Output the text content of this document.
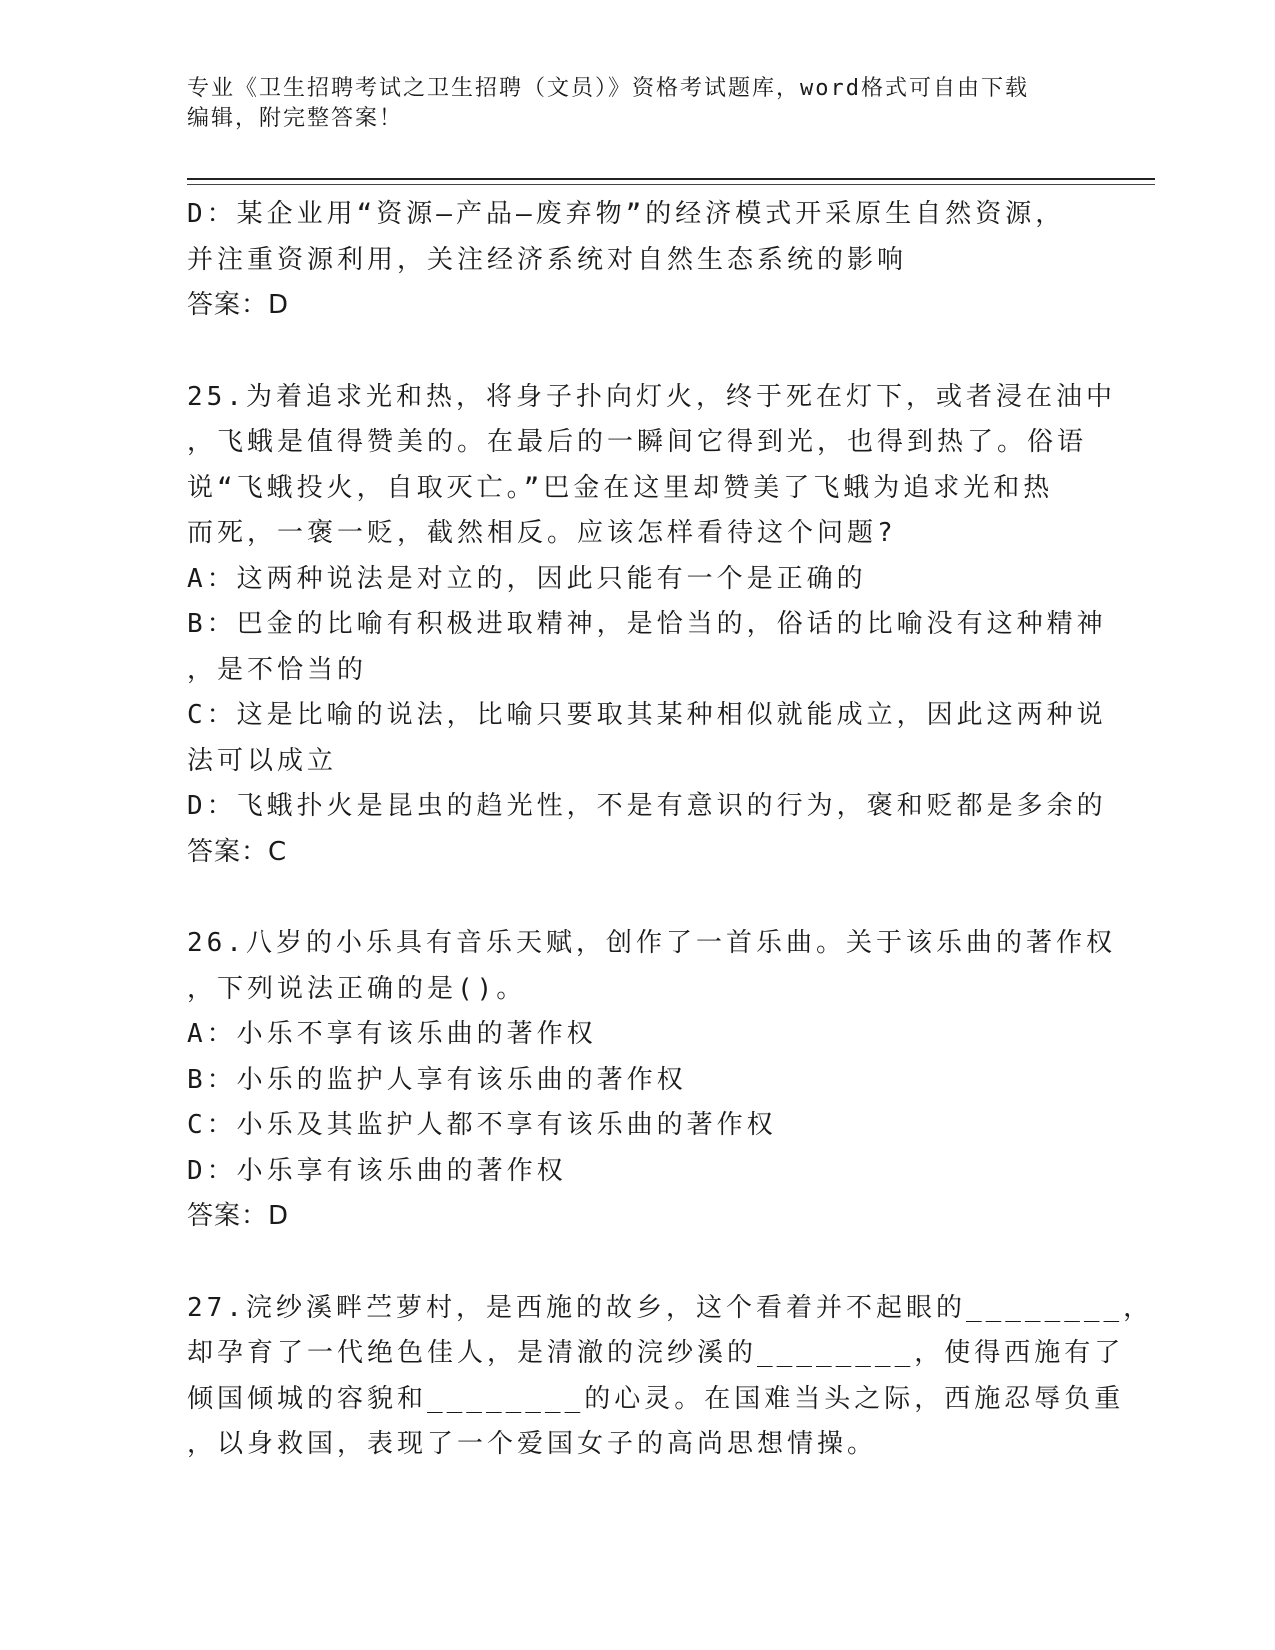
专业《卫生招聘考试之卫生招聘（文员）》资格考试题库，word格式可自由下载
编辑，附完整答案！
D：某企业用“资源—产品—废弃物”的经济模式开采原生自然资源，
并注重资源利用，关注经济系统对自然生态系统的影响
答案：D
25.为着追求光和热，将身子扑向灯火，终于死在灯下，或者浸在油中
，飞蛾是值得赞美的。在最后的一瞬间它得到光，也得到热了。俗语
说“飞蛾投火，自取灭亡。”巴金在这里却赞美了飞蛾为追求光和热
而死，一褒一贬，截然相反。应该怎样看待这个问题?
A：这两种说法是对立的，因此只能有一个是正确的
B：巴金的比喻有积极进取精神，是恰当的，俗话的比喻没有这种精神
，是不恰当的
C：这是比喻的说法，比喻只要取其某种相似就能成立，因此这两种说
法可以成立
D：飞蛾扑火是昆虫的趋光性，不是有意识的行为，褒和贬都是多余的
答案：C
26.八岁的小乐具有音乐天赋，创作了一首乐曲。关于该乐曲的著作权
，下列说法正确的是()。
A：小乐不享有该乐曲的著作权
B：小乐的监护人享有该乐曲的著作权
C：小乐及其监护人都不享有该乐曲的著作权
D：小乐享有该乐曲的著作权
答案：D
27.浣纱溪畔苎萝村，是西施的故乡，这个看着并不起眼的________，
却孕育了一代绝色佳人，是清澈的浣纱溪的________，使得西施有了
倾国倾城的容貌和________的心灵。在国难当头之际，西施忍辱负重
，以身救国，表现了一个爱国女子的高尚思想情操。
